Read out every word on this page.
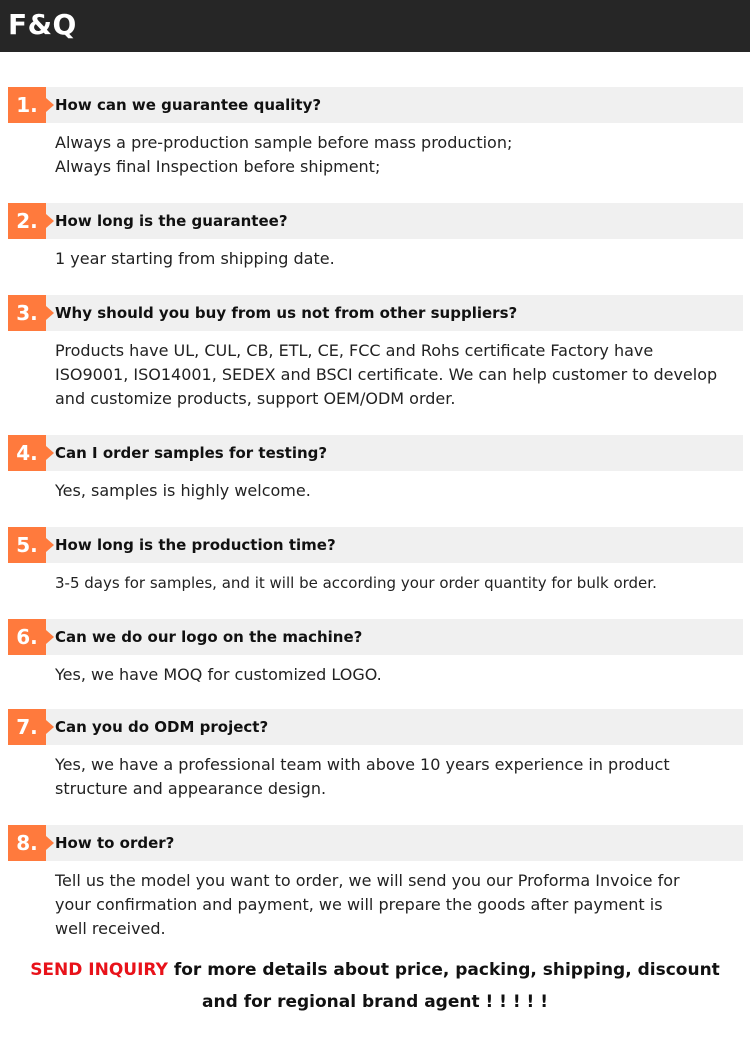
F&Q
1.	How can we guarantee quality?
Always a pre-production sample before mass production;
Always final Inspection before shipment;
2.	How long is the guarantee?
1 year starting from shipping date.
3.	Why should you buy from us not from other suppliers?
Products have UL, CUL, CB, ETL, CE, FCC and Rohs certificate Factory have
ISO9001, ISO14001, SEDEX and BSCI certificate. We can help customer to develop
and customize products, support OEM/ODM order.
4.	Can I order samples for testing?
Yes, samples is highly welcome.
5.	How long is the production time?
3-5 days for samples, and it will be according your order quantity for bulk order.
6.	Can we do our logo on the machine?
Yes, we have MOQ for customized LOGO.
7.	Can you do ODM project?
Yes, we have a professional team with above 10 years experience in product
structure and appearance design.
8.	How to order?
Tell us the model you want to order, we will send you our Proforma Invoice for
your confirmation and payment, we will prepare the goods after payment is
well received.
SEND INQUIRY for more details about price, packing, shipping, discount
and for regional brand agent ! ! ! ! !
